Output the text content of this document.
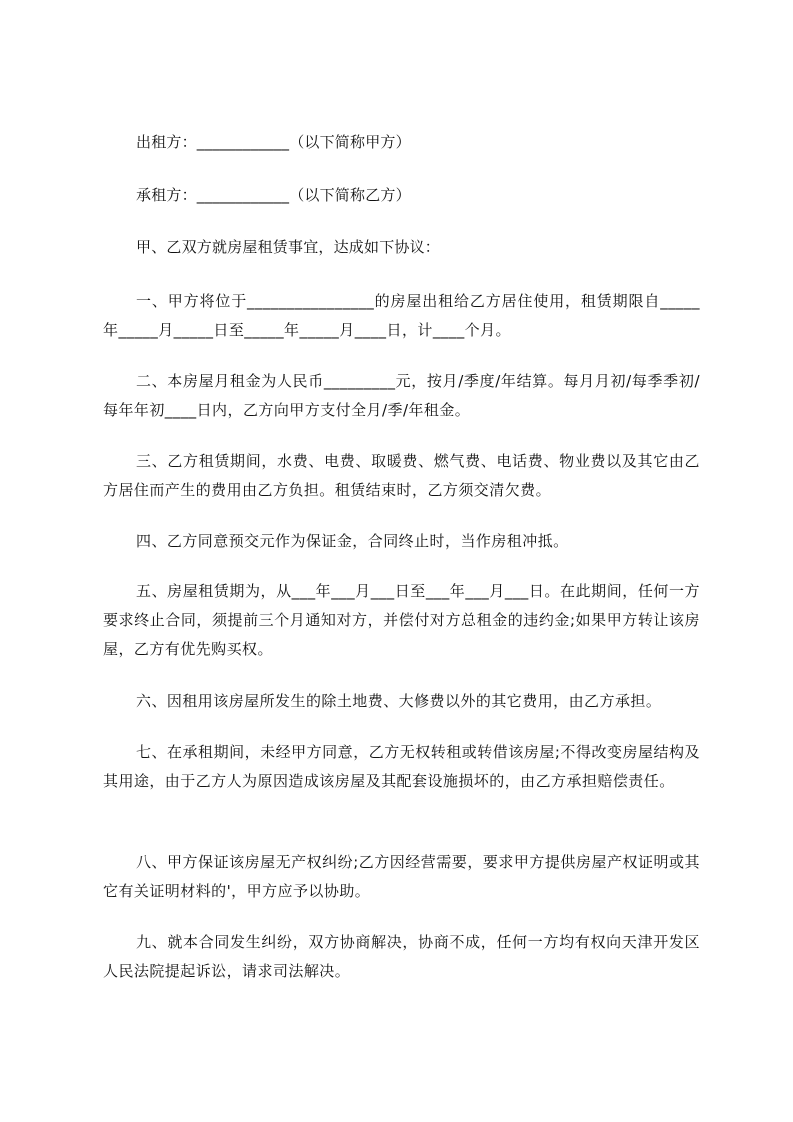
出租方：____________（以下简称甲方）
承租方：____________（以下简称乙方）
甲、乙双方就房屋租赁事宜，达成如下协议：
一、甲方将位于________________的房屋出租给乙方居住使用，租赁期限自_____年_____月_____日至_____年_____月____日，计____个月。
二、本房屋月租金为人民币_________元，按月/季度/年结算。每月月初/每季季初/每年年初____日内，乙方向甲方支付全月/季/年租金。
三、乙方租赁期间，水费、电费、取暖费、燃气费、电话费、物业费以及其它由乙方居住而产生的费用由乙方负担。租赁结束时，乙方须交清欠费。
四、乙方同意预交元作为保证金，合同终止时，当作房租冲抵。
五、房屋租赁期为，从___年___月___日至___年___月___日。在此期间，任何一方要求终止合同，须提前三个月通知对方，并偿付对方总租金的违约金;如果甲方转让该房屋，乙方有优先购买权。
六、因租用该房屋所发生的除土地费、大修费以外的其它费用，由乙方承担。
七、在承租期间，未经甲方同意，乙方无权转租或转借该房屋;不得改变房屋结构及其用途，由于乙方人为原因造成该房屋及其配套设施损坏的，由乙方承担赔偿责任。
八、甲方保证该房屋无产权纠纷;乙方因经营需要，要求甲方提供房屋产权证明或其它有关证明材料的'，甲方应予以协助。
九、就本合同发生纠纷，双方协商解决，协商不成，任何一方均有权向天津开发区人民法院提起诉讼，请求司法解决。
